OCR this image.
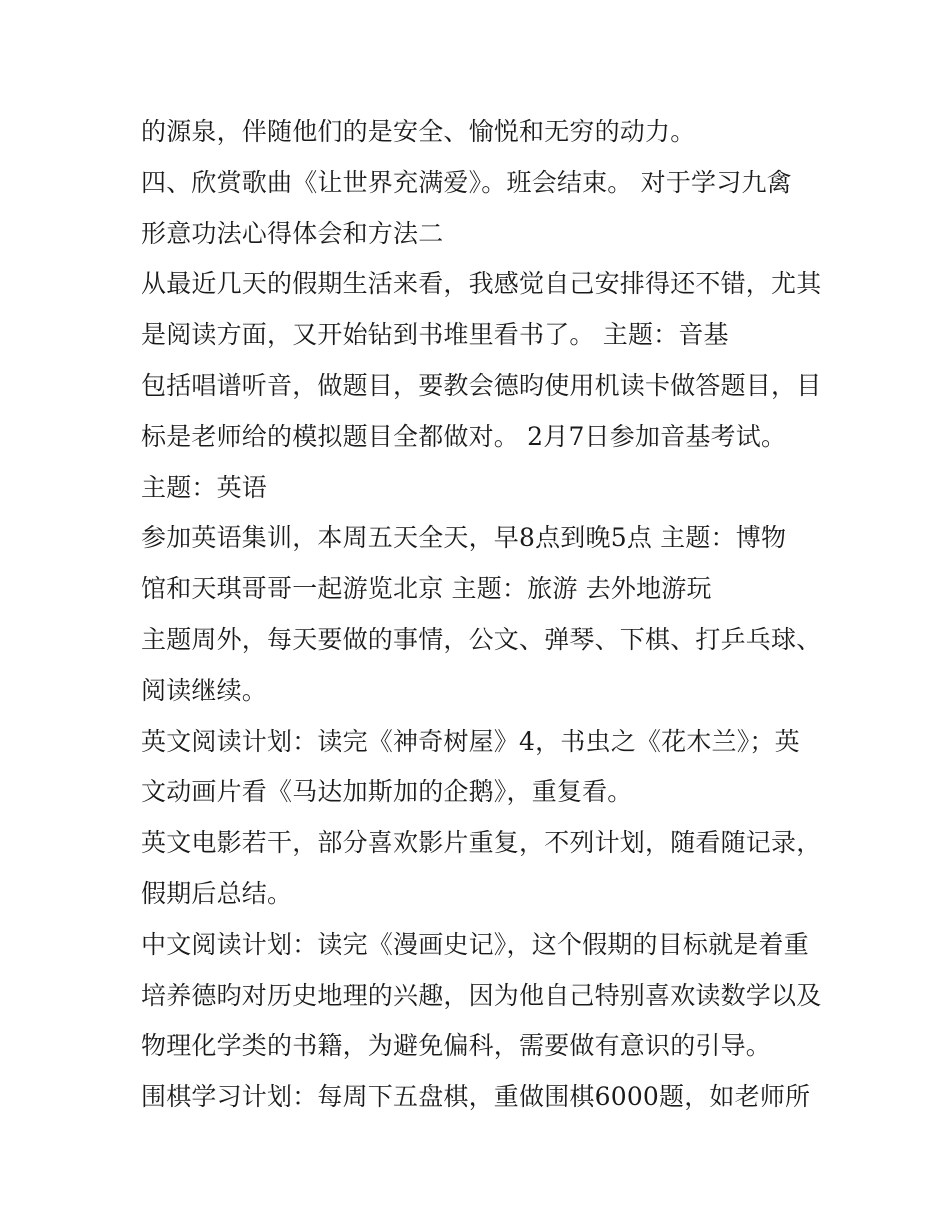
的源泉，伴随他们的是安全、愉悦和无穷的动力。
四、欣赏歌曲《让世界充满爱》。班会结束。 对于学习九禽
形意功法心得体会和方法二
从最近几天的假期生活来看，我感觉自己安排得还不错，尤其
是阅读方面，又开始钻到书堆里看书了。 主题：音基
包括唱谱听音，做题目，要教会德昀使用机读卡做答题目，目
标是老师给的模拟题目全都做对。 2月7日参加音基考试。
主题：英语
参加英语集训，本周五天全天，早8点到晚5点 主题：博物
馆和天琪哥哥一起游览北京 主题：旅游 去外地游玩
主题周外，每天要做的事情，公文、弹琴、下棋、打乒乓球、
阅读继续。
英文阅读计划：读完《神奇树屋》4，书虫之《花木兰》；英
文动画片看《马达加斯加的企鹅》，重复看。
英文电影若干，部分喜欢影片重复，不列计划，随看随记录，
假期后总结。
中文阅读计划：读完《漫画史记》，这个假期的目标就是着重
培养德昀对历史地理的兴趣，因为他自己特别喜欢读数学以及
物理化学类的书籍，为避免偏科，需要做有意识的引导。
围棋学习计划：每周下五盘棋，重做围棋6000题，如老师所
